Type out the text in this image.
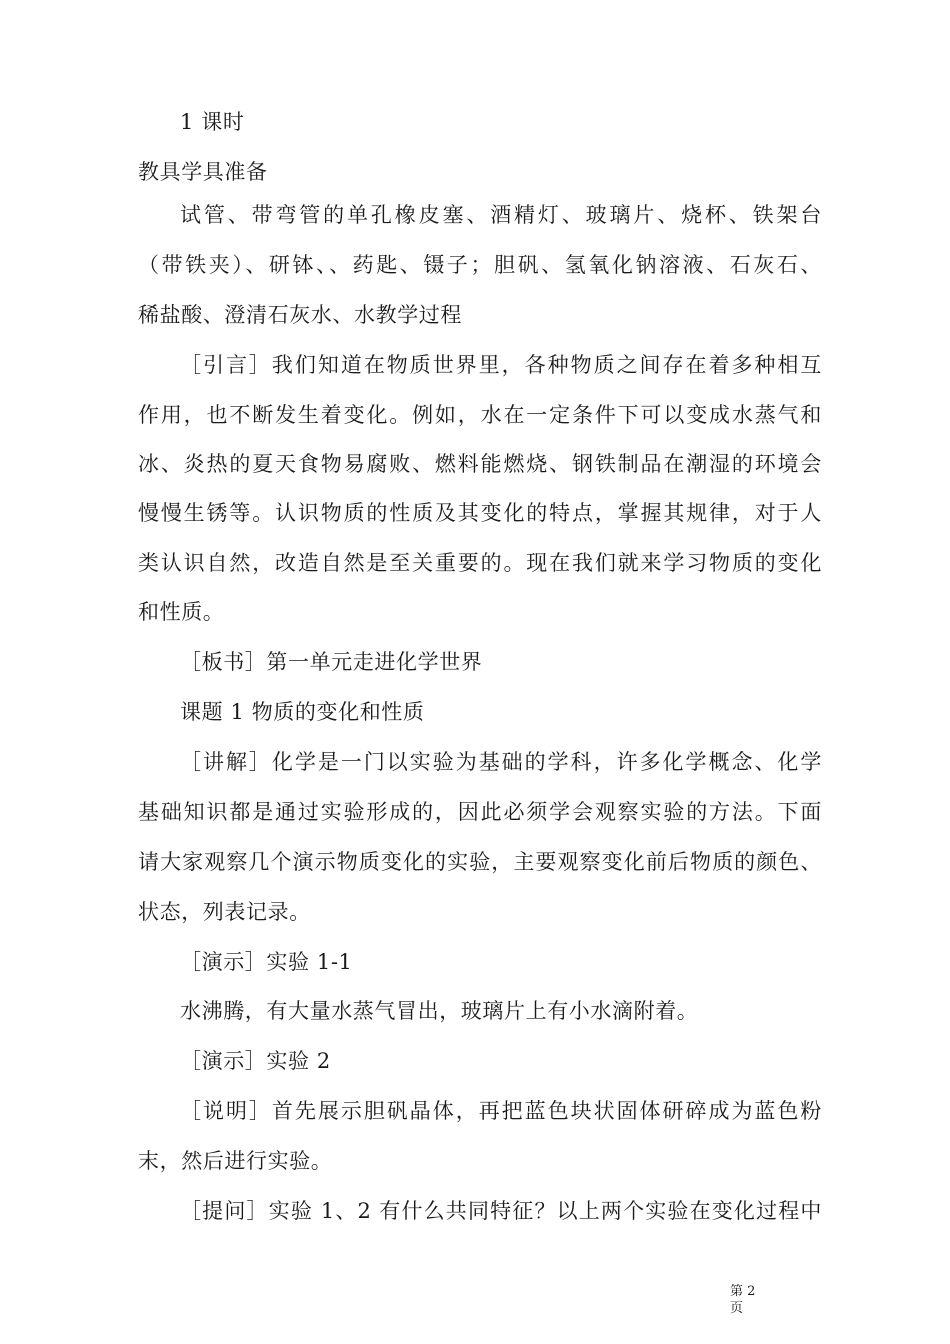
1 课时
教具学具准备
试管、带弯管的单孔橡皮塞、酒精灯、玻璃片、烧杯、铁架台
（带铁夹）、研钵、、药匙、镊子；胆矾、氢氧化钠溶液、石灰石、
稀盐酸、澄清石灰水、水教学过程
［引言］我们知道在物质世界里，各种物质之间存在着多种相互
作用，也不断发生着变化。例如，水在一定条件下可以变成水蒸气和
冰、炎热的夏天食物易腐败、燃料能燃烧、钢铁制品在潮湿的环境会
慢慢生锈等。认识物质的性质及其变化的特点，掌握其规律，对于人
类认识自然，改造自然是至关重要的。现在我们就来学习物质的变化
和性质。
［板书］第一单元走进化学世界
课题 1 物质的变化和性质
［讲解］化学是一门以实验为基础的学科，许多化学概念、化学
基础知识都是通过实验形成的，因此必须学会观察实验的方法。下面
请大家观察几个演示物质变化的实验，主要观察变化前后物质的颜色、
状态，列表记录。
［演示］实验 1-1
水沸腾，有大量水蒸气冒出，玻璃片上有小水滴附着。
［演示］实验 2
［说明］首先展示胆矾晶体，再把蓝色块状固体研碎成为蓝色粉
末，然后进行实验。
［提问］实验 1、2 有什么共同特征？以上两个实验在变化过程中
第 2 页
